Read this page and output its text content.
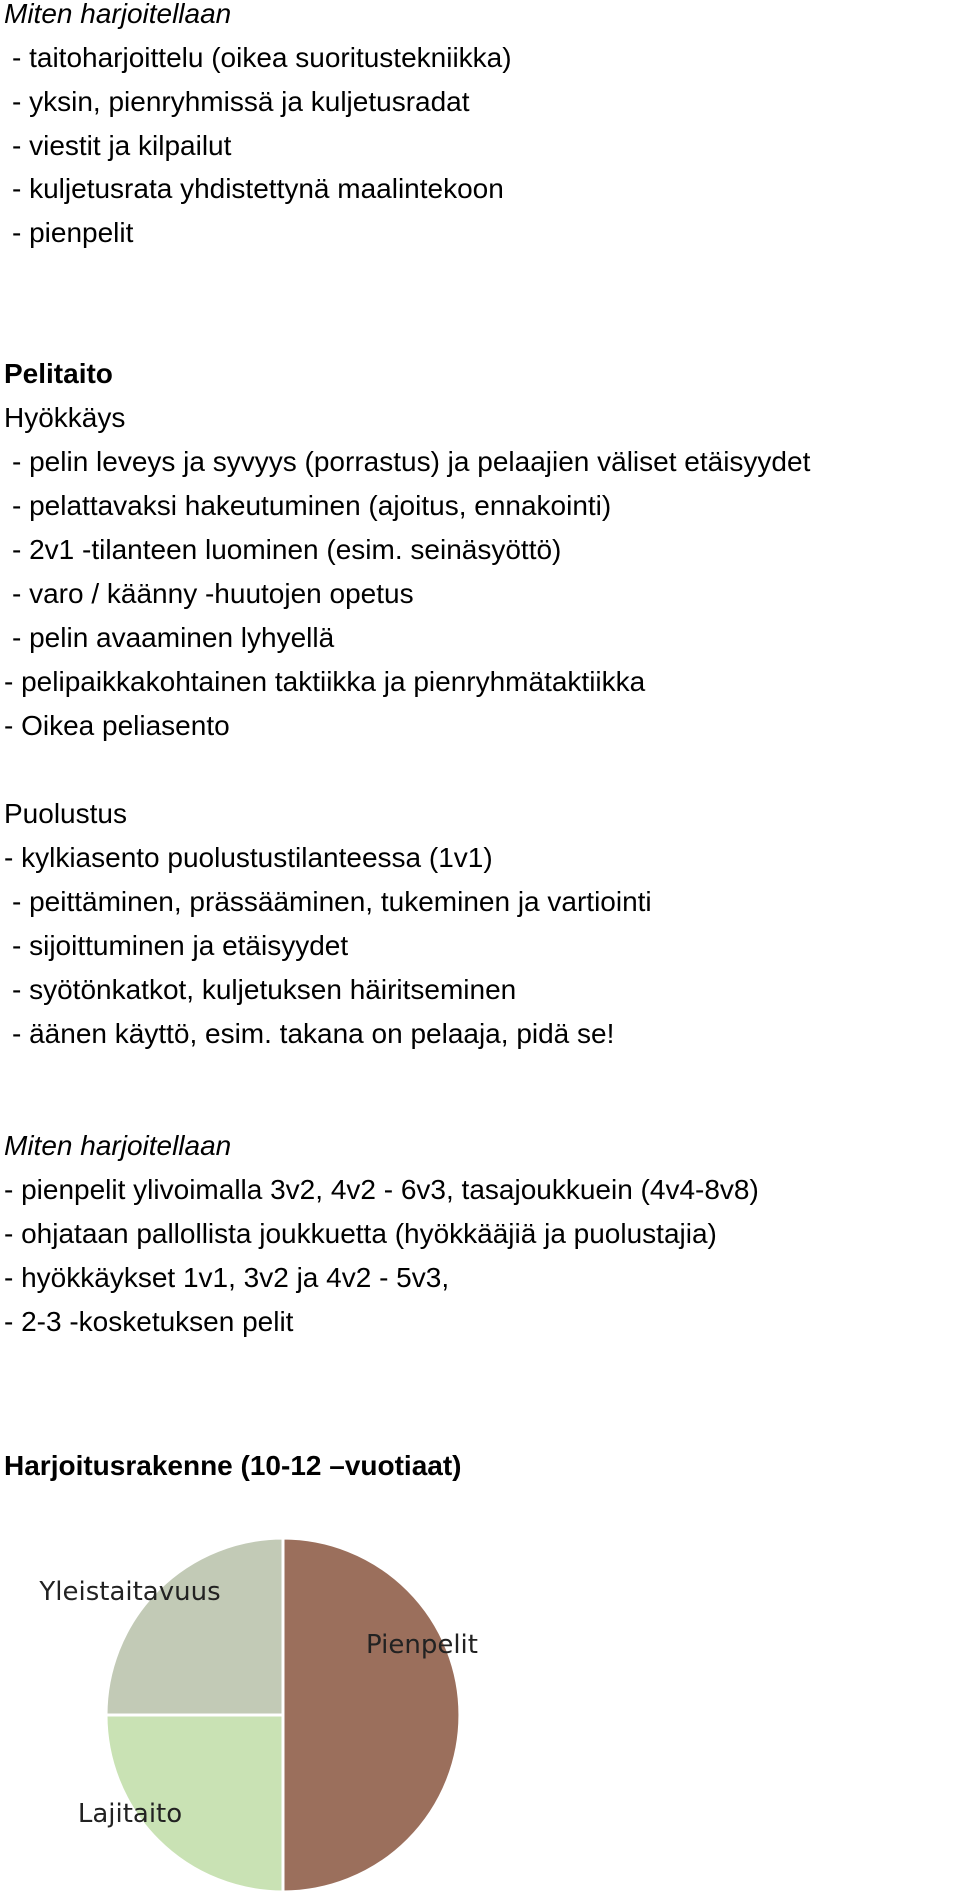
Miten harjoitellaan
- taitoharjoittelu (oikea suoritustekniikka)
- yksin, pienryhmissä ja kuljetusradat
- viestit ja kilpailut
- kuljetusrata yhdistettynä maalintekoon
- pienpelit
Pelitaito
Hyökkäys
- pelin leveys ja syvyys (porrastus) ja pelaajien väliset etäisyydet
- pelattavaksi hakeutuminen (ajoitus, ennakointi)
- 2v1 -tilanteen luominen (esim. seinäsyöttö)
- varo / käänny -huutojen opetus
- pelin avaaminen lyhyellä
- pelipaikkakohtainen taktiikka ja pienryhmätaktiikka
- Oikea peliasento
Puolustus
- kylkiasento puolustustilanteessa (1v1)
- peittäminen, prässääminen, tukeminen ja vartiointi
- sijoittuminen ja etäisyydet
- syötönkatkot, kuljetuksen häiritseminen
- äänen käyttö, esim. takana on pelaaja, pidä se!
Miten harjoitellaan
- pienpelit ylivoimalla 3v2, 4v2 - 6v3, tasajoukkuein (4v4-8v8)
- ohjataan pallollista joukkuetta (hyökkääjiä ja puolustajia)
- hyökkäykset 1v1, 3v2 ja 4v2 - 5v3,
- 2-3 -kosketuksen pelit
Harjoitusrakenne (10-12 –vuotiaat)
Pienpelit
Lajitaito
Yleistaitavuus
